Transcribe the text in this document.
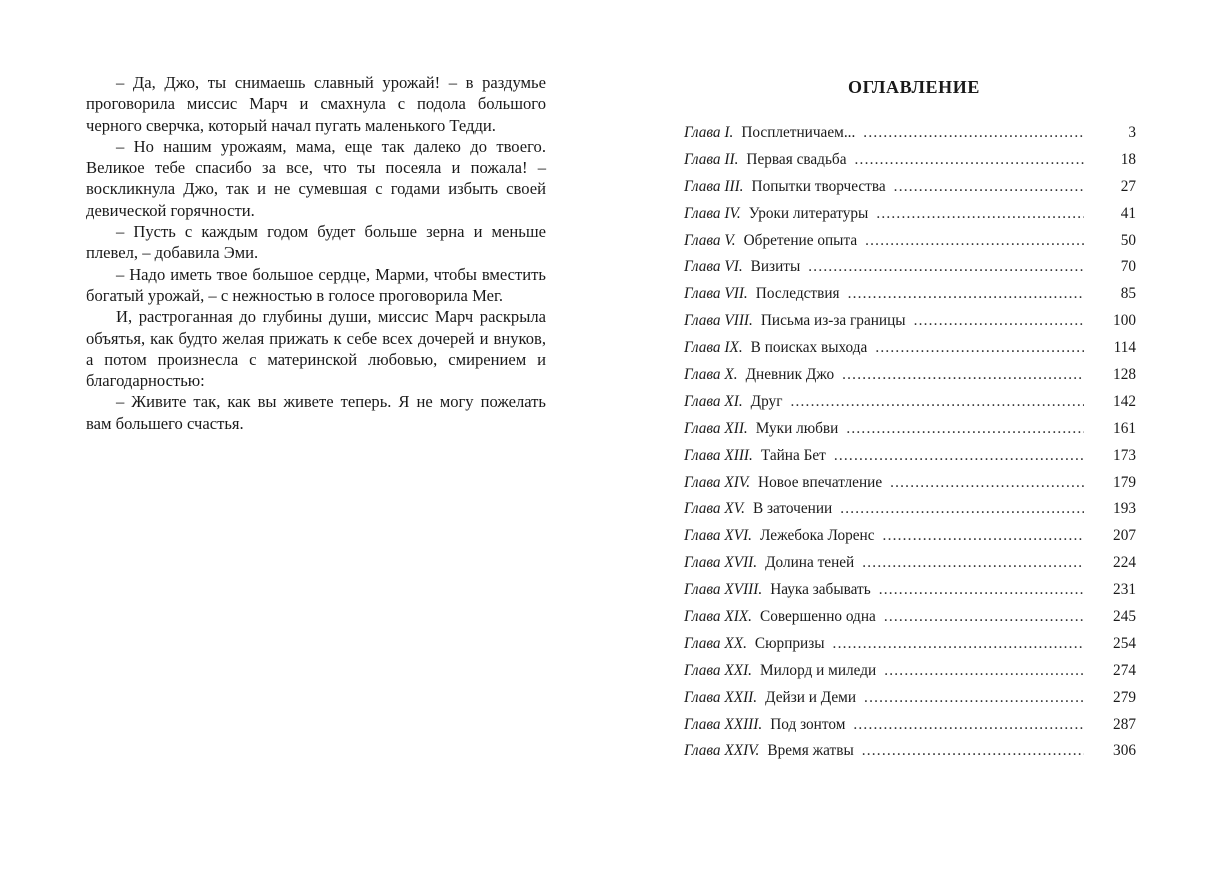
– Да, Джо, ты снимаешь славный урожай! – в раздумье проговорила миссис Марч и смахнула с подола большого черного сверчка, который начал пугать маленького Тедди.

– Но нашим урожаям, мама, еще так далеко до твоего. Великое тебе спасибо за все, что ты посеяла и пожала! – воскликнула Джо, так и не сумевшая с годами избыть своей девической горячности.

– Пусть с каждым годом будет больше зерна и меньше плевел, – добавила Эми.

– Надо иметь твое большое сердце, Марми, чтобы вместить богатый урожай, – с нежностью в голосе проговорила Мег.

И, растроганная до глубины души, миссис Марч раскрыла объятья, как будто желая прижать к себе всех дочерей и внуков, а потом произнесла с материнской любовью, смирением и благодарностью:

– Живите так, как вы живете теперь. Я не могу пожелать вам большего счастья.

ОГЛАВЛЕНИЕ
Глава I. Посплетничаем... .....	3
Глава II. Первая свадьба .....	18
Глава III. Попытки творчества .....	27
Глава IV. Уроки литературы .....	41
Глава V. Обретение опыта .....	50
Глава VI. Визиты .....	70
Глава VII. Последствия .....	85
Глава VIII. Письма из-за границы .....	100
Глава IX. В поисках выхода .....	114
Глава X. Дневник Джо .....	128
Глава XI. Друг .....	142
Глава XII. Муки любви .....	161
Глава XIII. Тайна Бет .....	173
Глава XIV. Новое впечатление .....	179
Глава XV. В заточении .....	193
Глава XVI. Лежебока Лоренс .....	207
Глава XVII. Долина теней .....	224
Глава XVIII. Наука забывать .....	231
Глава XIX. Совершенно одна .....	245
Глава XX. Сюрпризы .....	254
Глава XXI. Милорд и миледи .....	274
Глава XXII. Дейзи и Деми .....	279
Глава XXIII. Под зонтом .....	287
Глава XXIV. Время жатвы .....	306
